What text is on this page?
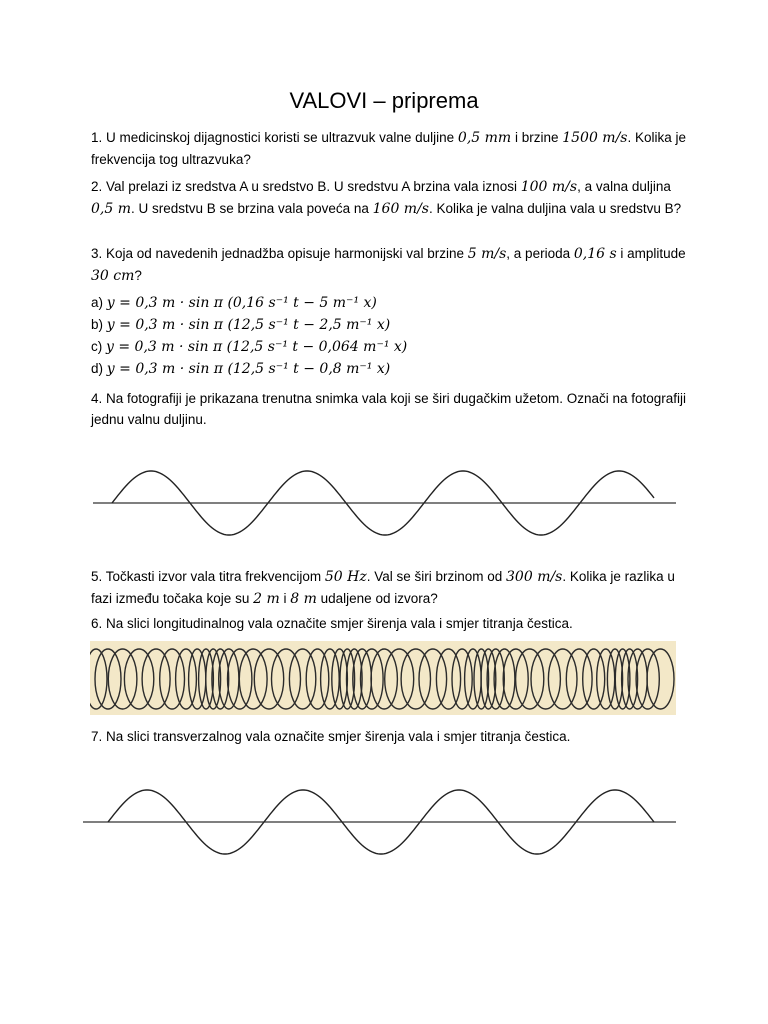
VALOVI – priprema
1. U medicinskoj dijagnostici koristi se ultrazvuk valne duljine 0,5 mm i brzine 1500 m/s. Kolika je frekvencija tog ultrazvuka?
2. Val prelazi iz sredstva A u sredstvo B. U sredstvu A brzina vala iznosi 100 m/s, a valna duljina 0,5 m. U sredstvu B se brzina vala poveća na 160 m/s. Kolika je valna duljina vala u sredstvu B?
3. Koja od navedenih jednadžba opisuje harmonijski val brzine 5 m/s, a perioda 0,16 s i amplitude 30 cm?
a) y = 0,3 m · sin π (0,16 s⁻¹ t − 5 m⁻¹ x)
b) y = 0,3 m · sin π (12,5 s⁻¹ t − 2,5 m⁻¹ x)
c) y = 0,3 m · sin π (12,5 s⁻¹ t − 0,064 m⁻¹ x)
d) y = 0,3 m · sin π (12,5 s⁻¹ t − 0,8 m⁻¹ x)
4. Na fotografiji je prikazana trenutna snimka vala koji se širi dugačkim užetom. Označi na fotografiji jednu valnu duljinu.
5. Točkasti izvor vala titra frekvencijom 50 Hz. Val se širi brzinom od 300 m/s. Kolika je razlika u fazi između točaka koje su 2 m i 8 m udaljene od izvora?
6. Na slici longitudinalnog vala označite smjer širenja vala i smjer titranja čestica.
7. Na slici transverzalnog vala označite smjer širenja vala i smjer titranja čestica.
